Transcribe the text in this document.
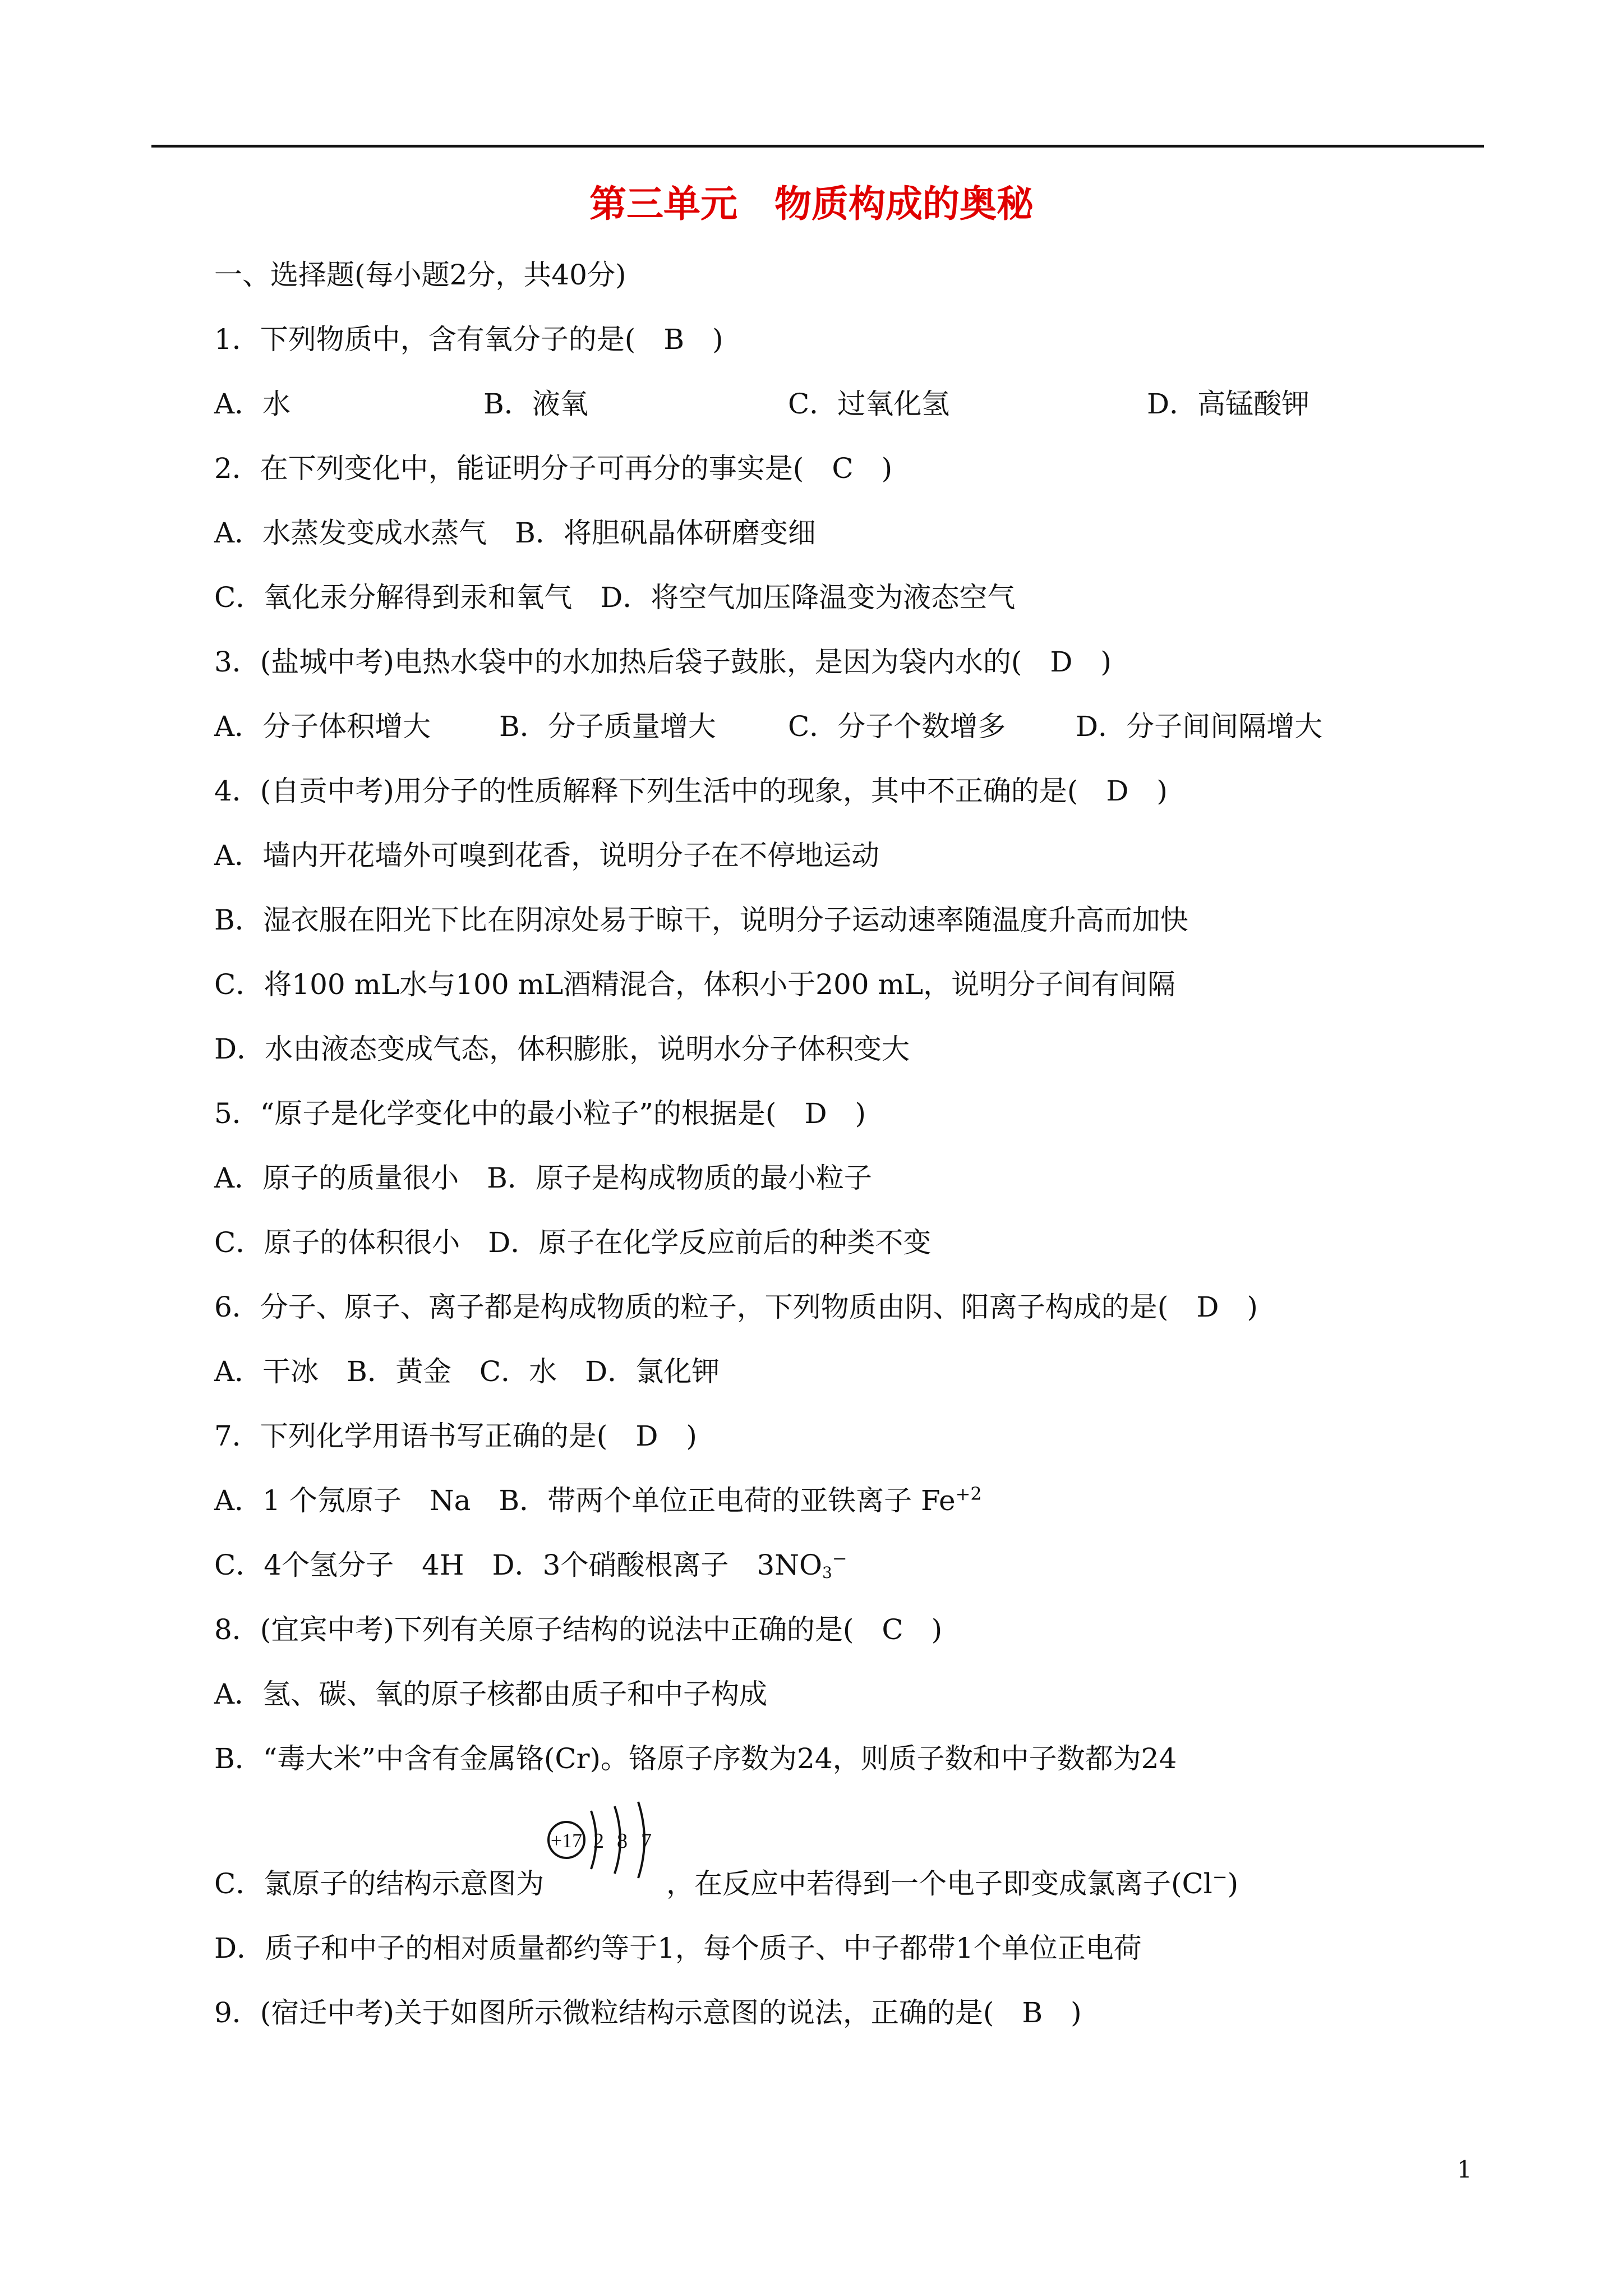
第三单元　物质构成的奥秘
一、选择题(每小题2分，共40分)
1．下列物质中，含有氧分子的是(　B　)
A．水	B．液氧	C．过氧化氢	D．高锰酸钾
2．在下列变化中，能证明分子可再分的事实是(　C　)
A．水蒸发变成水蒸气　B．将胆矾晶体研磨变细
C．氧化汞分解得到汞和氧气　D．将空气加压降温变为液态空气
3．(盐城中考)电热水袋中的水加热后袋子鼓胀，是因为袋内水的(　D　)
A．分子体积增大 B．分子质量增大	C．分子个数增多 D．分子间间隔增大
4．(自贡中考)用分子的性质解释下列生活中的现象，其中不正确的是(　D　)
A．墙内开花墙外可嗅到花香，说明分子在不停地运动
B．湿衣服在阳光下比在阴凉处易于晾干，说明分子运动速率随温度升高而加快
C．将100 mL水与100 mL酒精混合，体积小于200 mL，说明分子间有间隔
D．水由液态变成气态，体积膨胀，说明水分子体积变大
5．“原子是化学变化中的最小粒子”的根据是(　D　)
A．原子的质量很小　B．原子是构成物质的最小粒子
C．原子的体积很小　D．原子在化学反应前后的种类不变
6．分子、原子、离子都是构成物质的粒子，下列物质由阴、阳离子构成的是(　D　)
A．干冰　B．黄金　C．水　D．氯化钾
7．下列化学用语书写正确的是(　D　)
A．1 个氖原子　Na　B．带两个单位正电荷的亚铁离子 $Fe^{+2}$
C．4个氢分子　4H　D．3个硝酸根离子　$3NO_3^-$
8．(宜宾中考)下列有关原子结构的说法中正确的是(　C　)
A．氢、碳、氧的原子核都由质子和中子构成
B．“毒大米”中含有金属铬(Cr)。铬原子序数为24，则质子数和中子数都为24
+17 2 8 7
C．氯原子的结构示意图为	，在反应中若得到一个电子即变成氯离子(Cl−)
D．质子和中子的相对质量都约等于1，每个质子、中子都带1个单位正电荷
9．(宿迁中考)关于如图所示微粒结构示意图的说法，正确的是(　B　)
1
